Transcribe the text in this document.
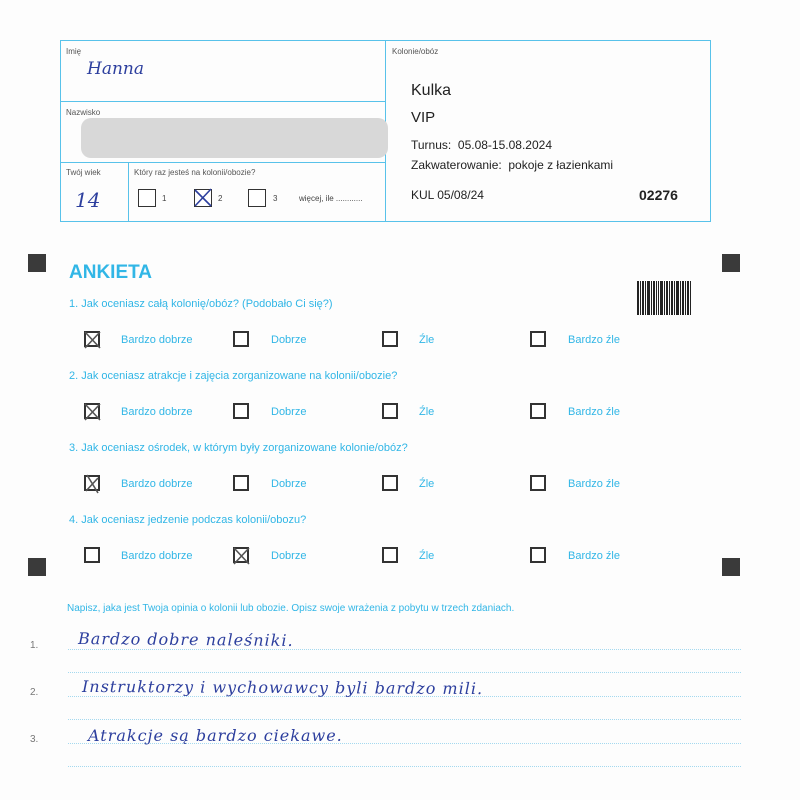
Imię
Hanna
Nazwisko
Twój wiek
14
Który raz jesteś na kolonii/obozie?
1	2	3	więcej, ile ............
Kolonie/obóz
Kulka
VIP
Turnus:  05.08-15.08.2024
Zakwaterowanie:  pokoje z łazienkami
KUL 05/08/24	02276
ANKIETA
1. Jak oceniasz całą kolonię/obóz? (Podobało Ci się?)
Bardzo dobrze	Dobrze	Źle	Bardzo źle
2. Jak oceniasz atrakcje i zajęcia zorganizowane na kolonii/obozie?
Bardzo dobrze	Dobrze	Źle	Bardzo źle
3. Jak oceniasz ośrodek, w którym były zorganizowane kolonie/obóz?
Bardzo dobrze	Dobrze	Źle	Bardzo źle
4. Jak oceniasz jedzenie podczas kolonii/obozu?
Bardzo dobrze	Dobrze	Źle	Bardzo źle
Napisz, jaka jest Twoja opinia o kolonii lub obozie. Opisz swoje wrażenia z pobytu w trzech zdaniach.
1.
2.
3.
Bardzo dobre naleśniki.
Instruktorzy i wychowawcy byli bardzo mili.
Atrakcje są bardzo ciekawe.
